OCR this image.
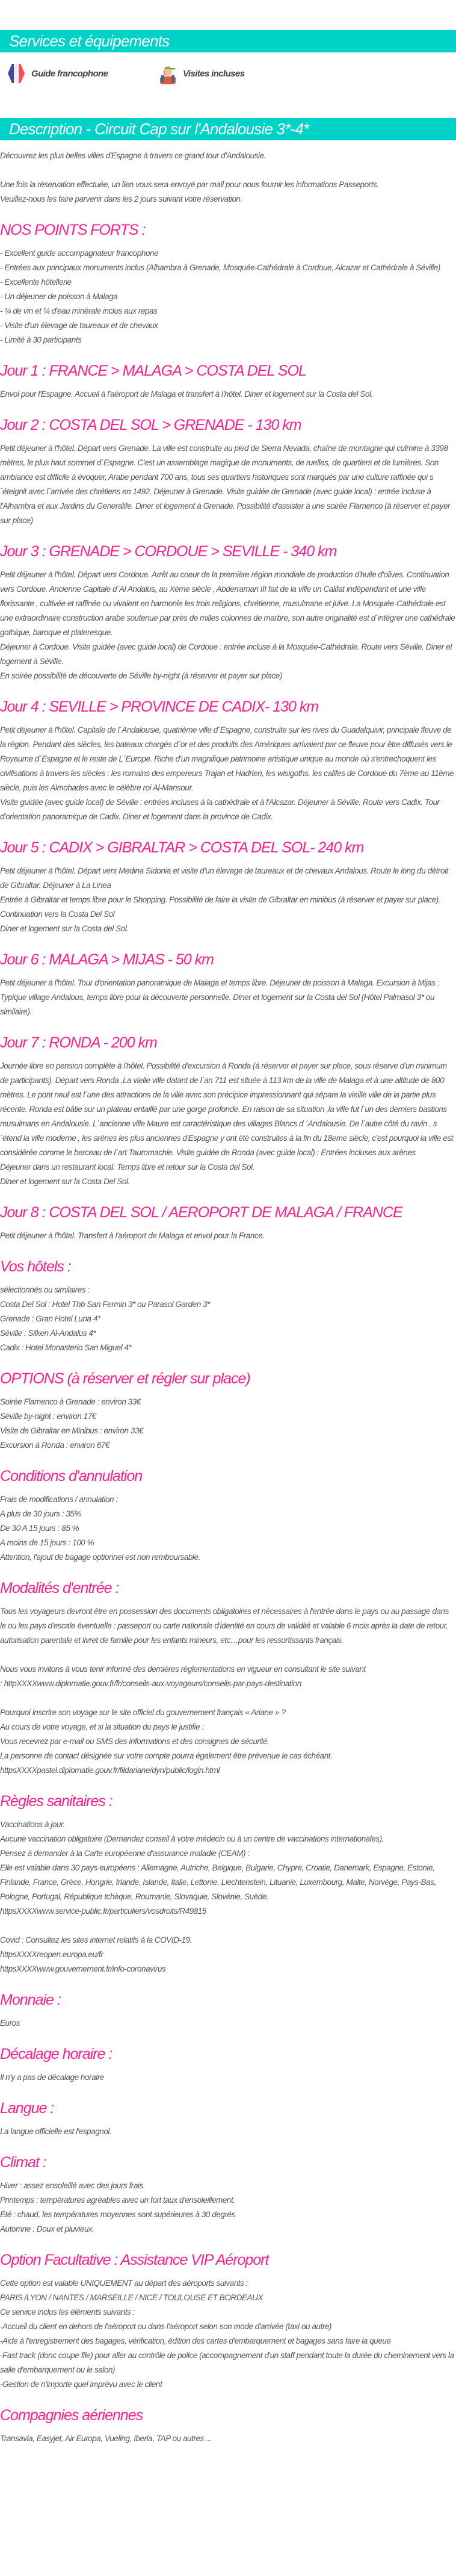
Services et équipements
Guide francophone	Visites incluses
Description - Circuit Cap sur l'Andalousie 3*-4*

Découvrez les plus belles villes d'Espagne à travers ce grand tour d'Andalousie.

Une fois la réservation effectuée, un lien vous sera envoyé par mail pour nous fournir les informations Passeports.

Veuillez-nous les faire parvenir dans les 2 jours suivant votre réservation.

NOS POINTS FORTS :

- Excellent guide accompagnateur francophone

- Entrées aux principaux monuments inclus (Alhambra à Grenade, Mosquée-Cathédrale à Cordoue, Alcazar et Cathédrale à Séville)

- Excellente hôtellerie

- Un déjeuner de poisson à Malaga

- ¼ de vin et ¼ d'eau minérale inclus aux repas

- Visite d'un élevage de taureaux et de chevaux

- Limité à 30 participants

Jour 1 : FRANCE > MALAGA > COSTA DEL SOL

Envol pour l'Espagne. Accueil à l'aéroport de Malaga et transfert à l'hôtel. Diner et logement sur la Costa del Sol.

Jour 2 : COSTA DEL SOL > GRENADE - 130 km

Petit déjeuner à l'hôtel. Départ vers Grenade. La ville est construite au pied de Sierra Nevada, chaîne de montagne qui culmine à 3398 mètres, le plus haut sommet d´Espagne. C'est un assemblage magique de monuments, de ruelles, de quartiers et de lumières. Son ambiance est difficile à évoquer, Arabe pendant 700 ans, tous ses quartiers historiques sont marqués par une culture raffinée qui s´éteignit avec l´arrivée des chrétiens en 1492. Déjeuner à Grenade. Visite guidée de Grenade (avec guide local) : entrée incluse à l'Alhambra et aux Jardins du Generalife. Diner et logement à Grenade. Possibilité d'assister à une soirée Flamenco (à réserver et payer sur place)

Jour 3 : GRENADE > CORDOUE > SEVILLE - 340 km

Petit déjeuner à l'hôtel. Départ vers Cordoue. Arrêt au coeur de la première région mondiale de production d'huile d'olives. Continuation vers Cordoue. Ancienne Capitale d´Al Andalus, au Xème siècle , Abderraman III fait de la ville un Califat indépendant et une ville florissante , cultivée et raffinée ou vivaient en harmonie les trois religions, chrétienne, musulmane et juive. La Mosquée-Cathédrale est une extraordinaire construction arabe soutenue par près de milles colonnes de marbre, son autre originalité est d´intégrer une cathédrale gothique, baroque et plateresque.

Déjeuner à Cordoue. Visite guidée (avec guide local) de Cordoue : entrée incluse à la Mosquée-Cathédrale. Route vers Séville. Diner et logement à Séville.

En soirée possibilité de découverte de Séville by-night (à réserver et payer sur place)

Jour 4 : SEVILLE > PROVINCE DE CADIX- 130 km

Petit déjeuner à l'hôtel. Capitale de l´Andalousie, quatrième ville d´Espagne, construite sur les rives du Guadalquivir, principale fleuve de la région. Pendant des siècles, les bateaux chargés d´or et des produits des Amériques arrivaient par ce fleuve pour être diffusés vers le Royaume d´Espagne et le reste de L´Europe. Riche d'un magnifique patrimoine artistique unique au monde où s'entrechoquent les civilisations à travers les siècles : les romains des empereurs Trajan et Hadrien, les wisigoths, les califes de Cordoue du 7ème au 11ème siècle, puis les Almohades avec le célèbre roi Al-Mansour.

Visite guidée (avec guide local) de Séville : entrées incluses á la cathédrale et à l'Alcazar. Déjeuner à Séville. Route vers Cadix. Tour d'orientation panoramique de Cadix. Diner et logement dans la province de Cadix.

Jour 5 : CADIX > GIBRALTAR > COSTA DEL SOL- 240 km

Petit déjeuner à l'hôtel. Départ vers Medina Sidonia et visite d'un élevage de taureaux et de chevaux Andalous. Route le long du détroit de Gibraltar. Déjeuner à La Linea

Entrée à Gibraltar et temps libre pour le Shopping. Possibilité de faire la visite de Gibraltar en minibus (à réserver et payer sur place). Continuation vers la Costa Del Sol

Diner et logement sur la Costa del Sol.

Jour 6 : MALAGA > MIJAS - 50 km

Petit déjeuner à l'hôtel. Tour d'orientation panoramique de Malaga et temps libre. Déjeuner de poisson à Malaga. Excursion à Mijas : Typique village Andalous, temps libre pour la découverte personnelle. Diner et logement sur la Costa del Sol (Hôtel Palmasol 3* ou similaire).

Jour 7 : RONDA - 200 km

Journée libre en pension complète à l'hôtel. Possibilité d'excursion à Ronda (à réserver et payer sur place, sous réserve d'un minimum de participants). Départ vers Ronda ,La vielle ville datant de l´an 711 est située à 113 km de la ville de Malaga et à une altitude de 800 mètres. Le pont neuf est l´une des attractions de la ville avec son précipice impressionnant qui sépare la vieille ville de la partie plus récente. Ronda est bâtie sur un plateau entaillé par une gorge profonde. En raison de sa situation ,la ville fut l´un des derniers bastions musulmans en Andalousie. L´ancienne ville Maure est caractéristique des villages Blancs d ´Andalousie. De l´autre côté du ravin , s´étend la ville moderne , les arènes les plus anciennes d'Espagne y ont été construites à la fin du 18eme siècle, c'est pourquoi la ville est considérée comme le berceau de l´art Tauromachie. Visite guidée de Ronda (avec guide local) : Entrées incluses aux arènes

Déjeuner dans un restaurant local. Temps libre et retour sur la Costa del Sol.

Diner et logement sur la Costa Del Sol.

Jour 8 : COSTA DEL SOL / AEROPORT DE MALAGA / FRANCE

Petit déjeuner à l'hôtel. Transfert à l'aéroport de Malaga et envol pour la France.

Vos hôtels :

sélectionnés ou similaires :

Costa Del Sol : Hotel Thb San Fermin 3* ou Parasol Garden 3*

Grenade : Gran Hotel Luna 4*

Séville : Silken Al-Andalus 4*

Cadix : Hotel Monasterio San Miguel 4*

OPTIONS (à réserver et régler sur place)

Soirée Flamenco à Grenade : environ 33€

Séville by-night : environ 17€

Visite de Gibraltar en Minibus : environ 33€

Excursion à Ronda : environ 67€

Conditions d'annulation

Frais de modifications / annulation :

A plus de 30 jours : 35%

De 30 A 15 jours : 85 %

A moins de 15 jours : 100 %

Attention, l'ajout de bagage optionnel est non remboursable.

Modalités d'entrée :

Tous les voyageurs devront être en possession des documents obligatoires et nécessaires à l'entrée dans le pays ou au passage dans le ou les pays d'escale éventuelle : passeport ou carte nationale d'identité en cours de validité et valable 6 mois après la date de retour, autorisation parentale et livret de famille pour les enfants mineurs, etc…pour les ressortissants français.

Nous vous invitons à vous tenir informé des dernières réglementations en vigueur en consultant le site suivant

: httpXXXXwww.diplomatie.gouv.fr/fr/conseils-aux-voyageurs/conseils-par-pays-destination

Pourquoi inscrire son voyage sur le site officiel du gouvernement français « Ariane » ?

Au cours de votre voyage, et si la situation du pays le justifie :

Vous recevrez par e-mail ou SMS des informations et des consignes de sécurité.

La personne de contact désignée sur votre compte pourra également être prévenue le cas échéant.

httpsXXXXpastel.diplomatie.gouv.fr/fildariane/dyn/public/login.html

Règles sanitaires :

Vaccinations à jour.

Aucune vaccination obligatoire (Demandez conseil à votre médecin ou à un centre de vaccinations internationales).

Pensez à demander à la Carte européenne d'assurance maladie (CEAM) :

Elle est valable dans 30 pays européens : Allemagne, Autriche, Belgique, Bulgarie, Chypre, Croatie, Danemark, Espagne, Estonie, Finlande, France, Grèce, Hongrie, Irlande, Islande, Italie, Lettonie, Liechtenstein, Lituanie, Luxembourg, Malte, Norvège, Pays-Bas, Pologne, Portugal, République tchèque, Roumanie, Slovaquie, Slovénie, Suède.

httpsXXXXwww.service-public.fr/particuliers/vosdroits/R49815

Covid : Consultez les sites internet relatifs à la COVID-19.

httpsXXXXreopen.europa.eu/fr

httpsXXXXwww.gouvernement.fr/info-coronavirus

Monnaie :

Euros

Décalage horaire :

Il n'y a pas de décalage horaire

Langue :

La langue officielle est l'espagnol.

Climat :

Hiver : assez ensoleillé avec des jours frais.

Printemps : températures agréables avec un fort taux d'ensoleillement.

Été : chaud, les températures moyennes sont supérieures à 30 degrés

Automne : Doux et pluvieux.

Option Facultative : Assistance VIP Aéroport

Cette option est valable UNIQUEMENT au départ des aéroports suivants :

PARIS /LYON / NANTES / MARSEILLE / NICE / TOULOUSE ET BORDEAUX

Ce service inclus les éléments suivants :

-Accueil du client en dehors de l'aéroport ou dans l'aéroport selon son mode d'arrivée (taxi ou autre)

-Aide à l'enregistrement des bagages, vérification, édition des cartes d'embarquement et bagages sans faire la queue

-Fast track (donc coupe file) pour aller au contrôle de police (accompagnement d'un staff pendant toute la durée du cheminement vers la salle d'embarquement ou le salon)

-Gestion de n'importe quel imprévu avec le client

Compagnies aériennes

Transavia, Easyjet, Air Europa, Vueling, Iberia, TAP ou autres ...
